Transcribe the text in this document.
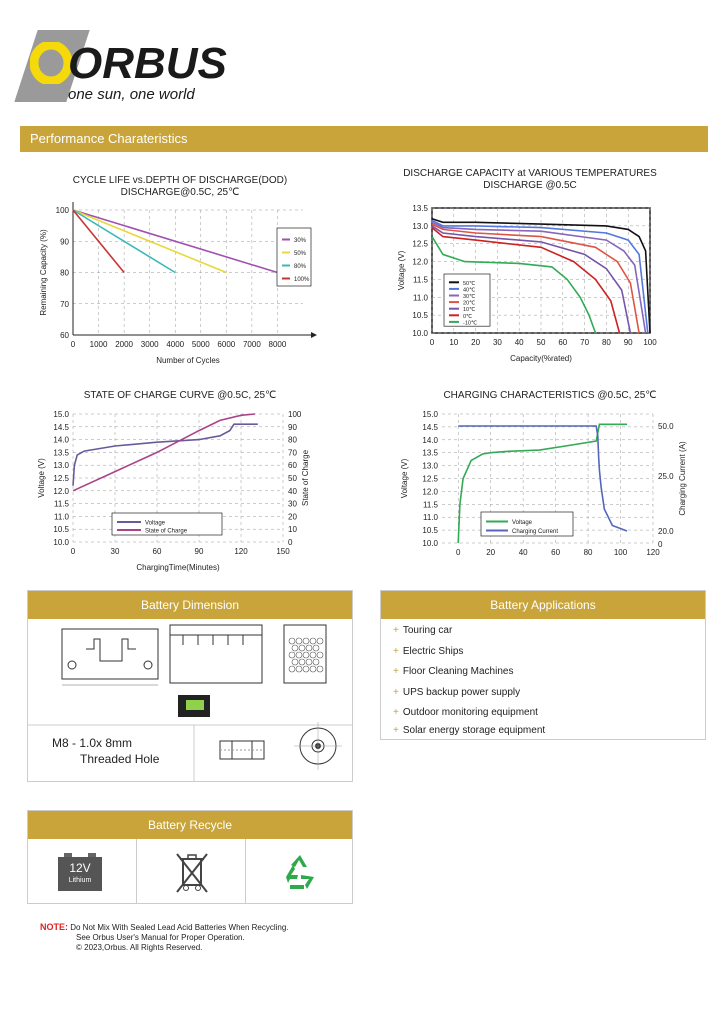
ORBUS
one sun, one world
Performance Charateristics
CYCLE LIFE vs.DEPTH OF DISCHARGE(DOD)
DISCHARGE@0.5C, 25℃
0 1000 2000 3000 4000 5000 6000 7000 8000
60
70
80
90
100
Number of Cycles
Remaining Capacity (%)	30%
50%
80%
100%
DISCHARGE CAPACITY at VARIOUS TEMPERATURES
DISCHARGE @0.5C
0 10 20 30 40 50 60 70 80 90 100
10.0
10.5
11.0
11.5
12.0
12.5
13.0
13.5
Capacity(%rated)
Voltage (V)	50℃
40℃
30℃
20℃
10℃
0℃
-10℃
STATE OF CHARGE CURVE @0.5C, 25℃
0	30	60	90	120	150
10.0
10.5
11.0
11.5
12.0
12.5
13.0
13.5
14.0
14.5
15.0
0
10
20
30
40
50
60
70
80
90
100
ChargingTime(Minutes)
Voltage (V)	State of Charge
Voltage
State of Charge
CHARGING CHARACTERISTICS @0.5C, 25℃
0	20	40	60	80	100 120
10.0
10.5
11.0
11.5
12.0
12.5
13.0
13.5
14.0
14.5
15.0
0
20.0
25.0
50.0
Voltage (V)	Charging Current (A)
Voltage
Charging Current
Battery Dimension
M8 - 1.0x 8mm
Threaded Hole
Battery Applications
+ Touring car
+ Electric Ships
+ Floor Cleaning Machines
+ UPS backup power supply
+ Outdoor monitoring equipment
+ Solar energy storage equipment
Battery Recycle
12V
Lithium
NOTE: Do Not Mix With Sealed Lead Acid Batteries When Recycling.
See Orbus User's Manual for Proper Operation.
© 2023,Orbus. All Rights Reserved.
